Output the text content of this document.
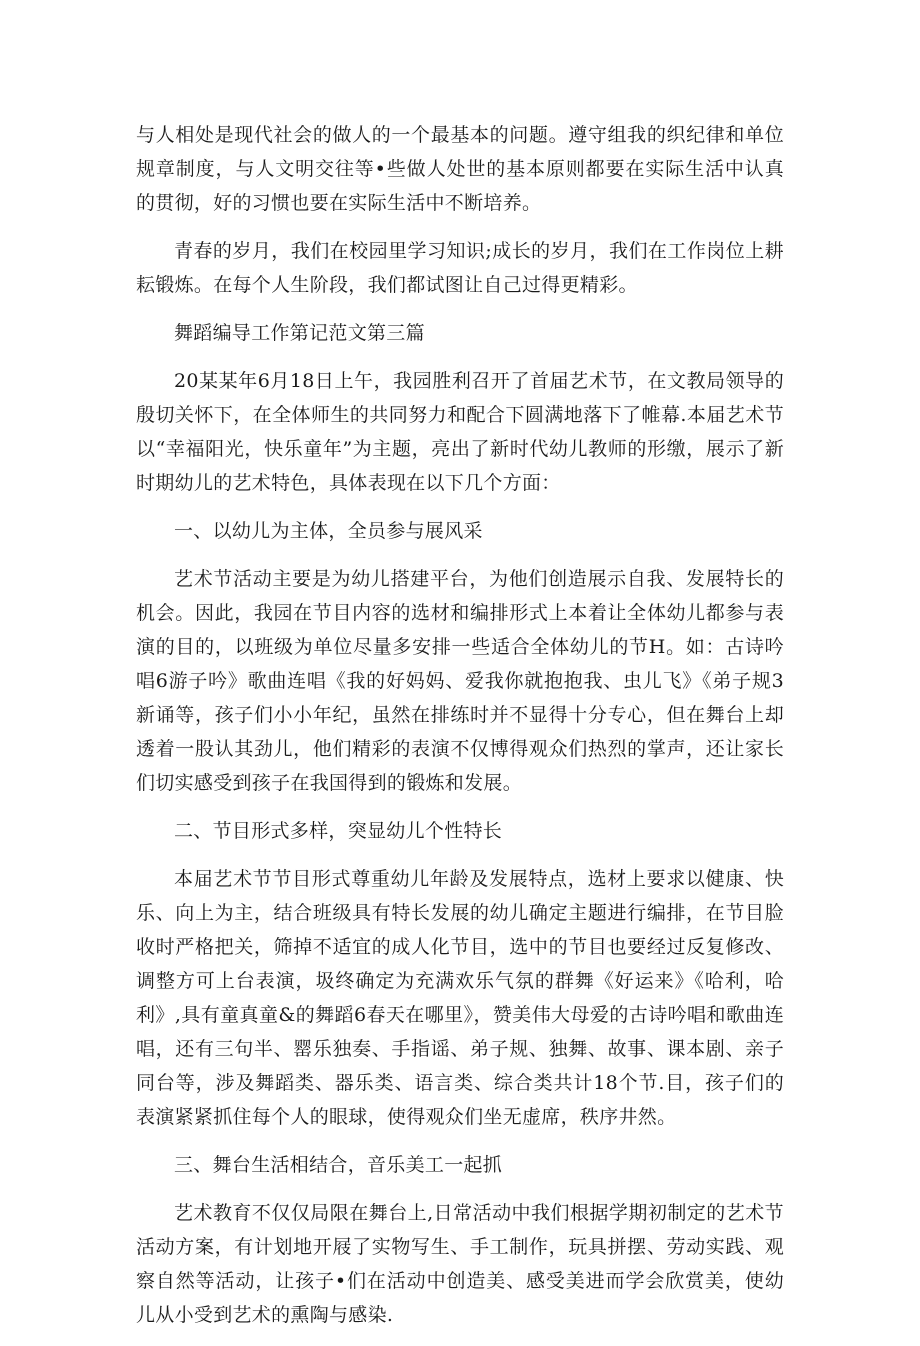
与人相处是现代社会的做人的一个最基本的问题。遵守组我的织纪律和单位规章制度，与人文明交往等•些做人处世的基本原则都要在实际生活中认真的贯彻，好的习惯也要在实际生活中不断培养。

青春的岁月，我们在校园里学习知识;成长的岁月，我们在工作岗位上耕耘锻炼。在每个人生阶段，我们都试图让自己过得更精彩。

舞蹈编导工作第记范文第三篇

20某某年6月18日上午，我园胜利召开了首届艺术节，在文教局领导的殷切关怀下，在全体师生的共同努力和配合下圆满地落下了帷幕.本届艺术节以“幸福阳光，快乐童年”为主题，亮出了新时代幼儿教师的形缴，展示了新时期幼儿的艺术特色，具体表现在以下几个方面：

一、以幼儿为主体，全员参与展风采

艺术节活动主要是为幼儿搭建平台，为他们创造展示自我、发展特长的机会。因此，我园在节目内容的选材和编排形式上本着让全体幼儿都参与表演的目的，以班级为单位尽量多安排一些适合全体幼儿的节H。如：古诗吟唱6游子吟》歌曲连唱《我的好妈妈、爱我你就抱抱我、虫儿飞》《弟子规3新诵等，孩子们小小年纪，虽然在排练时并不显得十分专心，但在舞台上却透着一股认其劲儿，他们精彩的表演不仅博得观众们热烈的掌声，还让家长们切实感受到孩子在我国得到的锻炼和发展。

二、节目形式多样，突显幼儿个性特长

本届艺术节节目形式尊重幼儿年龄及发展特点，选材上要求以健康、快乐、向上为主，结合班级具有特长发展的幼儿确定主题进行编排，在节目脸收时严格把关，筛掉不适宜的成人化节目，选中的节目也要经过反复修改、调整方可上台表演，圾终确定为充满欢乐气氛的群舞《好运来》《哈利，哈利》,具有童真童&的舞蹈6春天在哪里》，赞美伟大母爱的古诗吟唱和歌曲连唱，还有三句半、罂乐独奏、手指谣、弟子规、独舞、故事、课本剧、亲子同台等，涉及舞蹈类、器乐类、语言类、综合类共计18个节.目，孩子们的表演紧紧抓住每个人的眼球，使得观众们坐无虚席，秩序井然。

三、舞台生活相结合，音乐美工一起抓

艺术教育不仅仅局限在舞台上,日常活动中我们根据学期初制定的艺术节活动方案，有计划地开屐了实物写生、手工制作，玩具拼摆、劳动实践、观察自然等活动，让孩子•们在活动中创造美、感受美进而学会欣赏美，使幼儿从小受到艺术的熏陶与感染.
